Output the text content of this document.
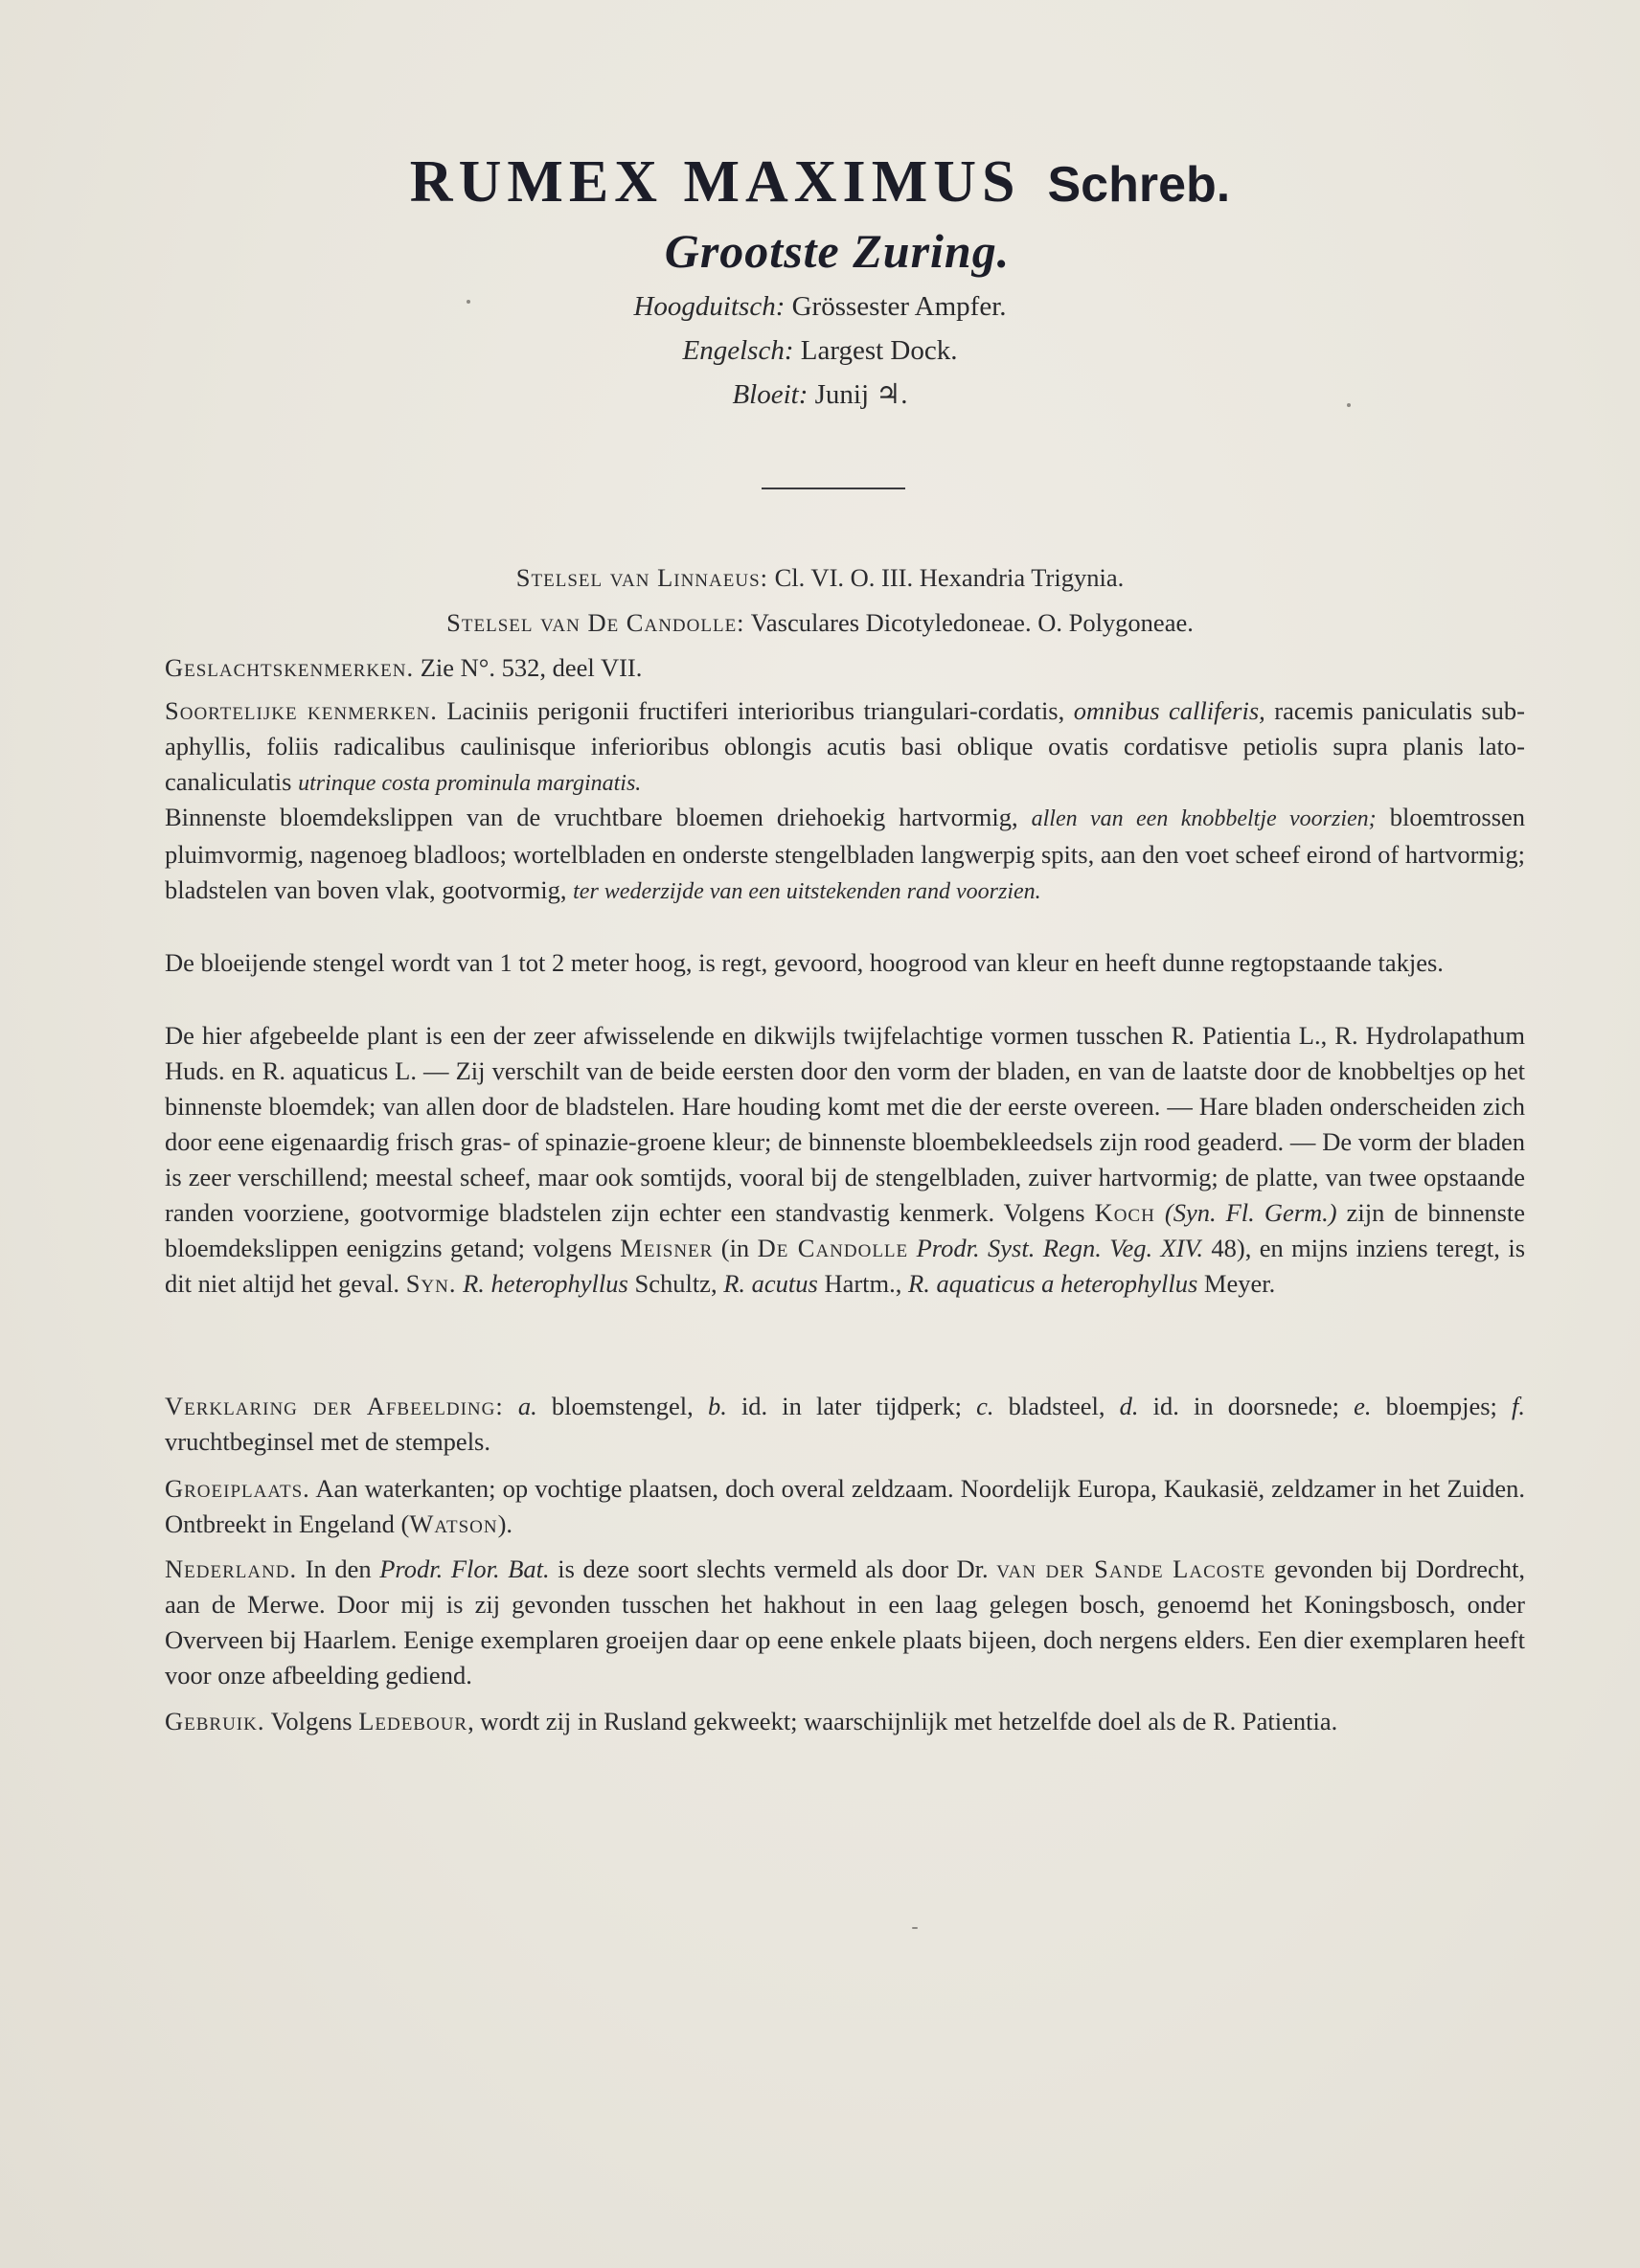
RUMEX MAXIMUS Schreb.
Grootste Zuring.
Hoogduitsch: Grössester Ampfer.
Engelsch: Largest Dock.
Bloeit: Junij ♃.
Stelsel van Linnaeus: Cl. VI. O. III. Hexandria Trigynia.
Stelsel van De Candolle: Vasculares Dicotyledoneae. O. Polygoneae.

Geslachtskenmerken. Zie N°. 532, deel VII.

Soortelijke kenmerken. Laciniis perigonii fructiferi interioribus triangulari-cordatis, omnibus calliferis, racemis paniculatis sub-aphyllis, foliis radicalibus caulinisque inferioribus oblongis acutis basi oblique ovatis cordatisve petiolis supra planis lato-canaliculatis utrinque costa prominula marginatis.

Binnenste bloemdekslippen van de vruchtbare bloemen driehoekig hartvormig, allen van een knobbeltje voorzien; bloemtrossen pluimvormig, nagenoeg bladloos; wortelbladen en onderste stengelbladen langwerpig spits, aan den voet scheef eirond of hartvormig; bladstelen van boven vlak, gootvormig, ter wederzijde van een uitstekenden rand voorzien.

De bloeijende stengel wordt van 1 tot 2 meter hoog, is regt, gevoord, hoogrood van kleur en heeft dunne regtopstaande takjes.

De hier afgebeelde plant is een der zeer afwisselende en dikwijls twijfelachtige vormen tusschen R. Patientia L., R. Hydrolapathum Huds. en R. aquaticus L. — Zij verschilt van de beide eersten door den vorm der bladen, en van de laatste door de knobbeltjes op het binnenste bloemdek; van allen door de bladstelen. Hare houding komt met die der eerste overeen. — Hare bladen onderscheiden zich door eene eigenaardig frisch gras- of spinazie-groene kleur; de binnenste bloembekleedsels zijn rood geaderd. — De vorm der bladen is zeer verschillend; meestal scheef, maar ook somtijds, vooral bij de stengelbladen, zuiver hartvormig; de platte, van twee opstaande randen voorziene, gootvormige bladstelen zijn echter een standvastig kenmerk. Volgens Koch (Syn. Fl. Germ.) zijn de binnenste bloemdekslippen eenigzins getand; volgens Meisner (in De Candolle Prodr. Syst. Regn. Veg. XIV. 48), en mijns inziens teregt, is dit niet altijd het geval. Syn. R. heterophyllus Schultz, R. acutus Hartm., R. aquaticus a heterophyllus Meyer.

Verklaring der Afbeelding: a. bloemstengel, b. id. in later tijdperk; c. bladsteel, d. id. in doorsnede; e. bloempjes; f. vruchtbeginsel met de stempels.

Groeiplaats. Aan waterkanten; op vochtige plaatsen, doch overal zeldzaam. Noordelijk Europa, Kaukasië, zeldzamer in het Zuiden. Ontbreekt in Engeland (Watson).

Nederland. In den Prodr. Flor. Bat. is deze soort slechts vermeld als door Dr. van der Sande Lacoste gevonden bij Dordrecht, aan de Merwe. Door mij is zij gevonden tusschen het hakhout in een laag gelegen bosch, genoemd het Koningsbosch, onder Overveen bij Haarlem. Eenige exemplaren groeijen daar op eene enkele plaats bijeen, doch nergens elders. Een dier exemplaren heeft voor onze afbeelding gediend.

Gebruik. Volgens Ledebour, wordt zij in Rusland gekweekt; waarschijnlijk met hetzelfde doel als de R. Patientia.
